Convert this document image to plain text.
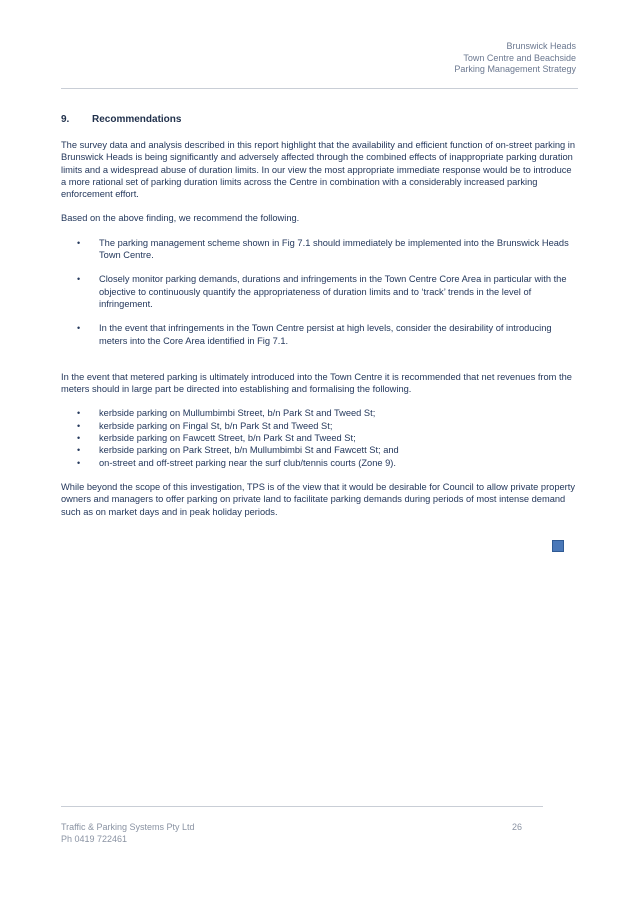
Brunswick Heads
Town Centre and Beachside
Parking Management Strategy
9. Recommendations

The survey data and analysis described in this report highlight that the availability and efficient function of on-street parking in Brunswick Heads is being significantly and adversely affected through the combined effects of inappropriate parking duration limits and a widespread abuse of duration limits. In our view the most appropriate immediate response would be to introduce a more rational set of parking duration limits across the Centre in combination with a considerably increased parking enforcement effort.

Based on the above finding, we recommend the following.

• The parking management scheme shown in Fig 7.1 should immediately be implemented into the Brunswick Heads Town Centre.
• Closely monitor parking demands, durations and infringements in the Town Centre Core Area in particular with the objective to continuously quantify the appropriateness of duration limits and to ‘track’ trends in the level of infringement.
• In the event that infringements in the Town Centre persist at high levels, consider the desirability of introducing meters into the Core Area identified in Fig 7.1.

In the event that metered parking is ultimately introduced into the Town Centre it is recommended that net revenues from the meters should in large part be directed into establishing and formalising the following.

• kerbside parking on Mullumbimbi Street, b/n Park St and Tweed St;
• kerbside parking on Fingal St, b/n Park St and Tweed St;
• kerbside parking on Fawcett Street, b/n Park St and Tweed St;
• kerbside parking on Park Street, b/n Mullumbimbi St and Fawcett St; and
• on-street and off-street parking near the surf club/tennis courts (Zone 9).

While beyond the scope of this investigation, TPS is of the view that it would be desirable for Council to allow private property owners and managers to offer parking on private land to facilitate parking demands during periods of most intense demand such as on market days and in peak holiday periods.

Traffic & Parking Systems Pty Ltd
Ph 0419 722461
26
